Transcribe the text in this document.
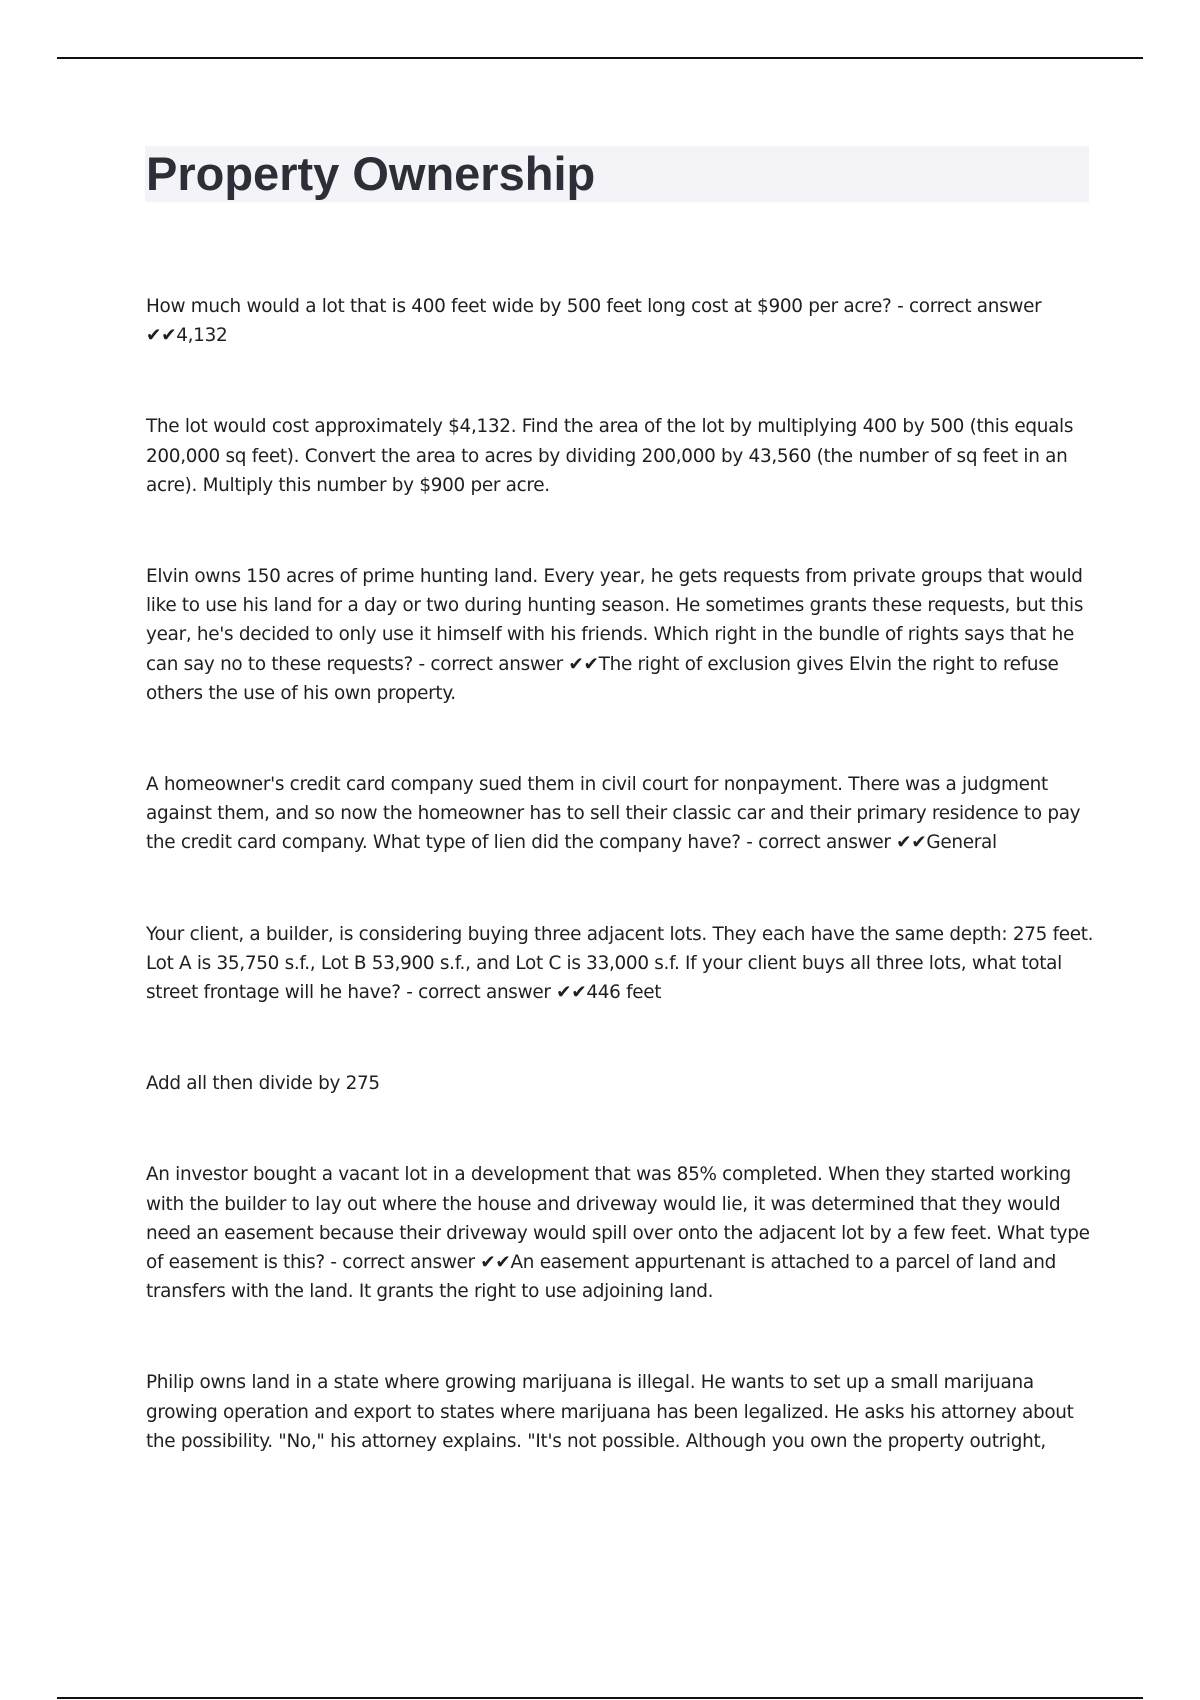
Property Ownership

How much would a lot that is 400 feet wide by 500 feet long cost at $900 per acre? - correct answer ✔✔4,132

The lot would cost approximately $4,132. Find the area of the lot by multiplying 400 by 500 (this equals 200,000 sq feet). Convert the area to acres by dividing 200,000 by 43,560 (the number of sq feet in an acre). Multiply this number by $900 per acre.

Elvin owns 150 acres of prime hunting land. Every year, he gets requests from private groups that would like to use his land for a day or two during hunting season. He sometimes grants these requests, but this year, he's decided to only use it himself with his friends. Which right in the bundle of rights says that he can say no to these requests? - correct answer ✔✔The right of exclusion gives Elvin the right to refuse others the use of his own property.

A homeowner's credit card company sued them in civil court for nonpayment. There was a judgment against them, and so now the homeowner has to sell their classic car and their primary residence to pay the credit card company. What type of lien did the company have? - correct answer ✔✔General

Your client, a builder, is considering buying three adjacent lots. They each have the same depth: 275 feet. Lot A is 35,750 s.f., Lot B 53,900 s.f., and Lot C is 33,000 s.f. If your client buys all three lots, what total street frontage will he have? - correct answer ✔✔446 feet

Add all then divide by 275

An investor bought a vacant lot in a development that was 85% completed. When they started working with the builder to lay out where the house and driveway would lie, it was determined that they would need an easement because their driveway would spill over onto the adjacent lot by a few feet. What type of easement is this? - correct answer ✔✔An easement appurtenant is attached to a parcel of land and transfers with the land. It grants the right to use adjoining land.

Philip owns land in a state where growing marijuana is illegal. He wants to set up a small marijuana growing operation and export to states where marijuana has been legalized. He asks his attorney about the possibility. "No," his attorney explains. "It's not possible. Although you own the property outright,
